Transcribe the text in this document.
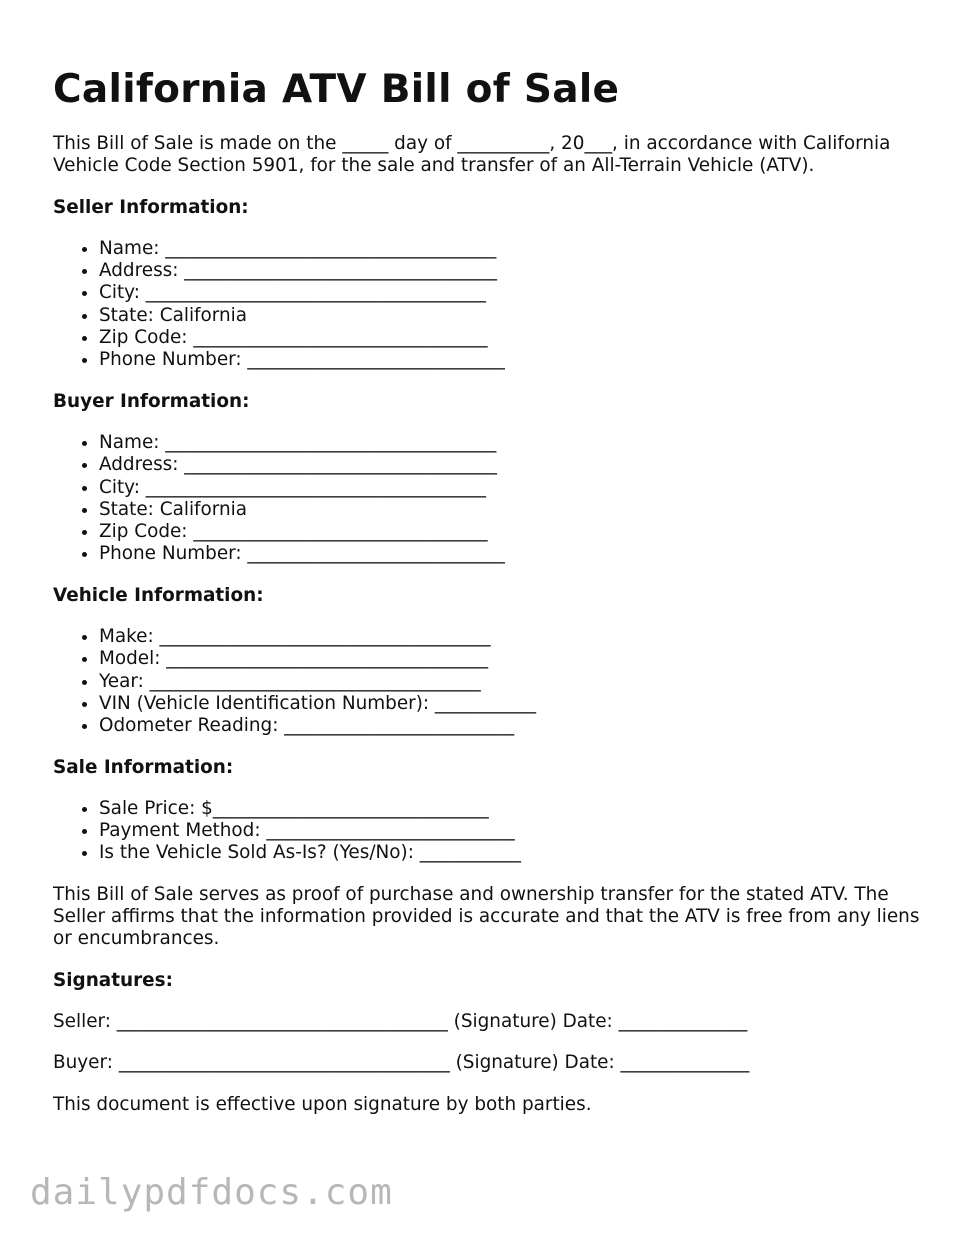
California ATV Bill of Sale

This Bill of Sale is made on the _____ day of __________, 20___, in accordance with California Vehicle Code Section 5901, for the sale and transfer of an All-Terrain Vehicle (ATV).

Seller Information:
• Name: ____________________________________
• Address: __________________________________
• City: _____________________________________
• State: California
• Zip Code: ________________________________
• Phone Number: ____________________________
Buyer Information:
• Name: ____________________________________
• Address: __________________________________
• City: _____________________________________
• State: California
• Zip Code: ________________________________
• Phone Number: ____________________________
Vehicle Information:
• Make: ____________________________________
• Model: ___________________________________
• Year: ____________________________________
• VIN (Vehicle Identification Number): ___________
• Odometer Reading: _________________________
Sale Information:
• Sale Price: $______________________________
• Payment Method: ___________________________
• Is the Vehicle Sold As-Is? (Yes/No): ___________

This Bill of Sale serves as proof of purchase and ownership transfer for the stated ATV. The Seller affirms that the information provided is accurate and that the ATV is free from any liens or encumbrances.

Signatures:
Seller: ____________________________________ (Signature) Date: ______________
Buyer: ____________________________________ (Signature) Date: ______________

This document is effective upon signature by both parties.

dailypdfdocs.com
